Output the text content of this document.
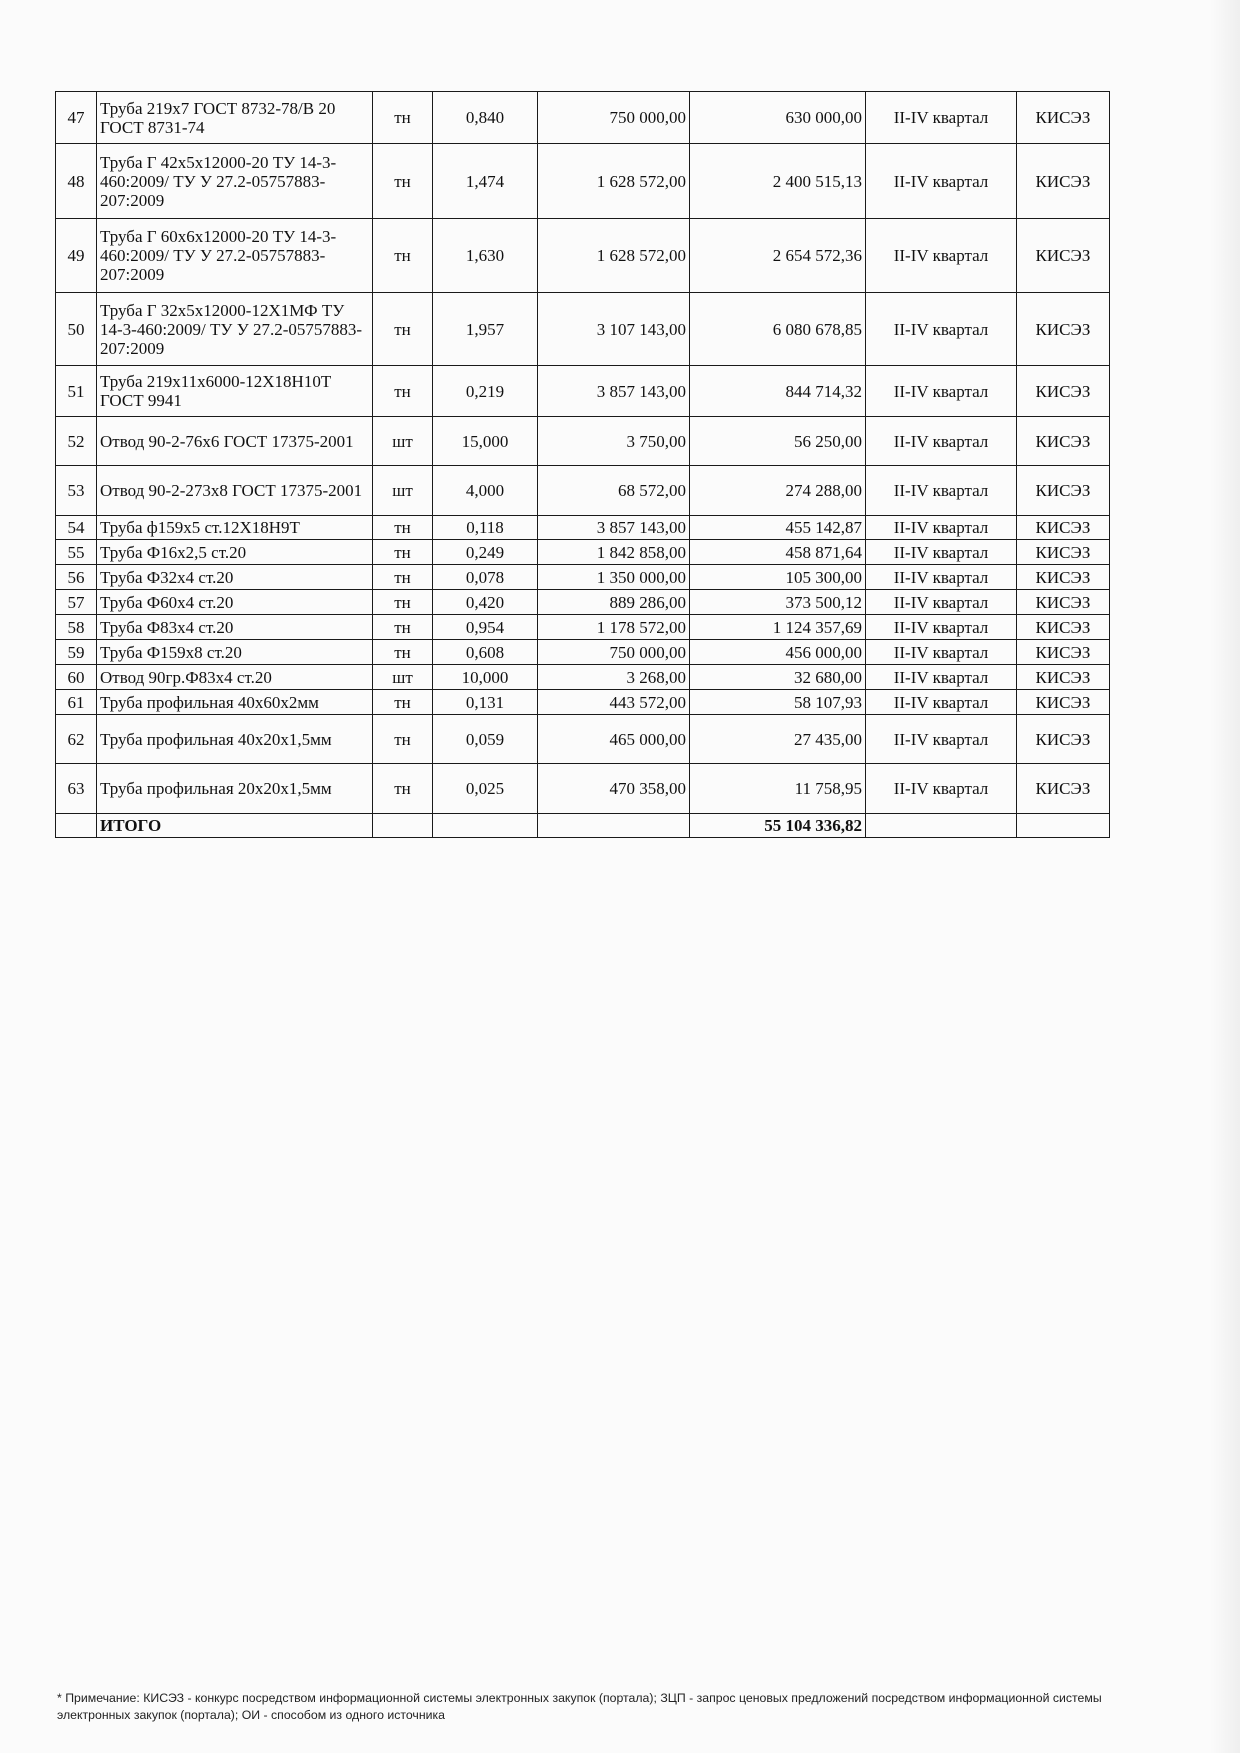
47	Труба 219х7 ГОСТ 8732-78/В 20 ГОСТ 8731-74	тн	0,840	750 000,00	630 000,00	II-IV квартал	КИСЭЗ
48	Труба Г 42х5х12000-20 ТУ 14-3-460:2009/ ТУ У 27.2-05757883-207:2009	тн	1,474	1 628 572,00	2 400 515,13	II-IV квартал	КИСЭЗ
49	Труба Г 60х6х12000-20 ТУ 14-3-460:2009/ ТУ У 27.2-05757883-207:2009	тн	1,630	1 628 572,00	2 654 572,36	II-IV квартал	КИСЭЗ
50	Труба Г 32х5х12000-12Х1МФ ТУ 14-3-460:2009/ ТУ У 27.2-05757883-207:2009	тн	1,957	3 107 143,00	6 080 678,85	II-IV квартал	КИСЭЗ
51	Труба 219х11х6000-12Х18Н10Т ГОСТ 9941	тн	0,219	3 857 143,00	844 714,32	II-IV квартал	КИСЭЗ
52	Отвод 90-2-76х6 ГОСТ 17375-2001	шт	15,000	3 750,00	56 250,00	II-IV квартал	КИСЭЗ
53	Отвод 90-2-273х8 ГОСТ 17375-2001	шт	4,000	68 572,00	274 288,00	II-IV квартал	КИСЭЗ
54	Труба ф159х5 ст.12Х18Н9Т	тн	0,118	3 857 143,00	455 142,87	II-IV квартал	КИСЭЗ
55	Труба Ф16х2,5 ст.20	тн	0,249	1 842 858,00	458 871,64	II-IV квартал	КИСЭЗ
56	Труба Ф32х4 ст.20	тн	0,078	1 350 000,00	105 300,00	II-IV квартал	КИСЭЗ
57	Труба Ф60х4 ст.20	тн	0,420	889 286,00	373 500,12	II-IV квартал	КИСЭЗ
58	Труба Ф83х4 ст.20	тн	0,954	1 178 572,00	1 124 357,69	II-IV квартал	КИСЭЗ
59	Труба Ф159х8 ст.20	тн	0,608	750 000,00	456 000,00	II-IV квартал	КИСЭЗ
60	Отвод 90гр.Ф83х4 ст.20	шт	10,000	3 268,00	32 680,00	II-IV квартал	КИСЭЗ
61	Труба профильная 40х60х2мм	тн	0,131	443 572,00	58 107,93	II-IV квартал	КИСЭЗ
62	Труба профильная 40х20х1,5мм	тн	0,059	465 000,00	27 435,00	II-IV квартал	КИСЭЗ
63	Труба профильная 20х20х1,5мм	тн	0,025	470 358,00	11 758,95	II-IV квартал	КИСЭЗ
	ИТОГО				55 104 336,82		
* Примечание: КИСЭЗ - конкурс посредством информационной системы электронных закупок (портала); ЗЦП - запрос ценовых предложений посредством информационной системы электронных закупок (портала); ОИ - способом из одного источника
